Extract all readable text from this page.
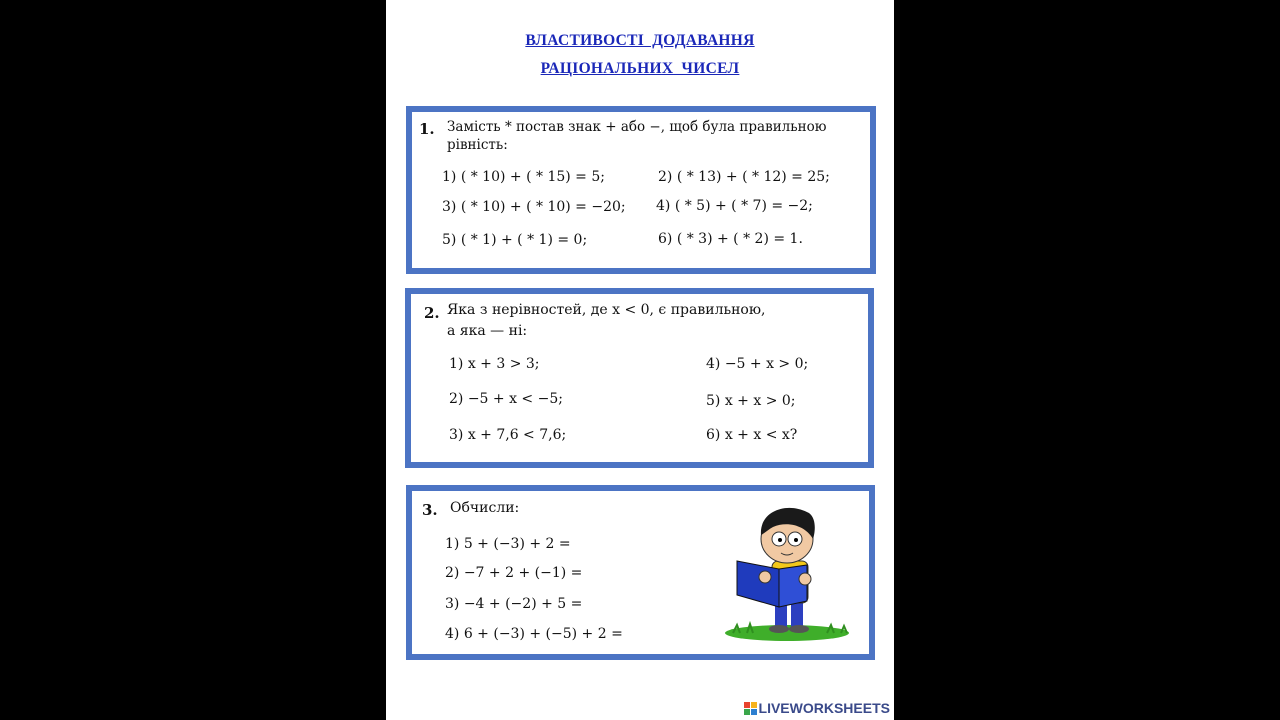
ВЛАСТИВОСТІ ДОДАВАННЯ
РАЦІОНАЛЬНИХ ЧИСЕЛ
1. Замість * постав знак + або −, щоб була правильною
рівність:
1) ( * 10) + ( * 15) = 5;	2) ( * 13) + ( * 12) = 25;
3) ( * 10) + ( * 10) = −20; 4) ( * 5) + ( * 7) = −2;
5) ( * 1) + ( * 1) = 0;	6) ( * 3) + ( * 2) = 1.
2. Яка з нерівностей, де x < 0, є правильною,
а яка — ні:
1) x + 3 > 3;	4) −5 + x > 0;
2) −5 + x < −5;	5) x + x > 0;
3) x + 7,6 < 7,6;	6) x + x < x?
3. Обчисли:
1) 5 + (−3) + 2 =
2) −7 + 2 + (−1) =
3) −4 + (−2) + 5 =
4) 6 + (−3) + (−5) + 2 =
LIVEWORKSHEETS
